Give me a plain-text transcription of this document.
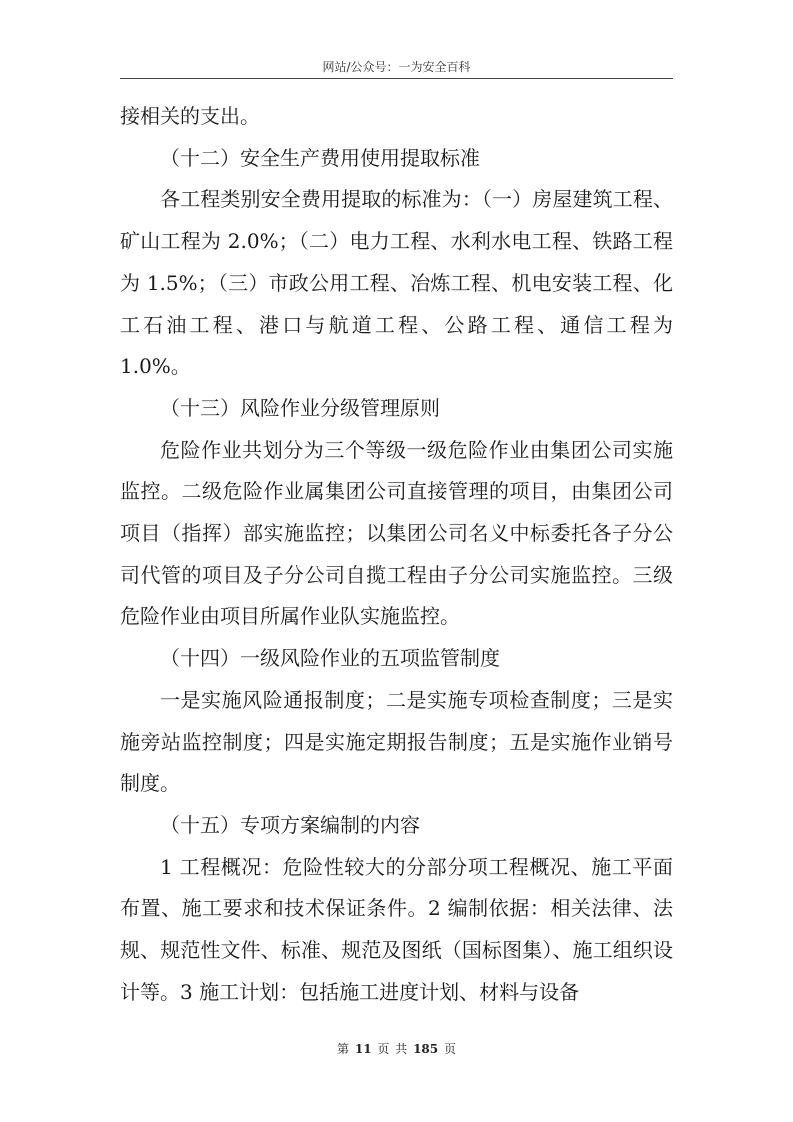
网站/公众号：一为安全百科

接相关的支出。

（十二）安全生产费用使用提取标准

各工程类别安全费用提取的标准为：（一）房屋建筑工程、矿山工程为 2.0%；（二）电力工程、水利水电工程、铁路工程为 1.5%；（三）市政公用工程、冶炼工程、机电安装工程、化工石油工程、港口与航道工程、公路工程、通信工程为 1.0%。

（十三）风险作业分级管理原则

危险作业共划分为三个等级一级危险作业由集团公司实施监控。二级危险作业属集团公司直接管理的项目，由集团公司项目（指挥）部实施监控；以集团公司名义中标委托各子分公司代管的项目及子分公司自揽工程由子分公司实施监控。三级危险作业由项目所属作业队实施监控。

（十四）一级风险作业的五项监管制度

一是实施风险通报制度；二是实施专项检查制度；三是实施旁站监控制度；四是实施定期报告制度；五是实施作业销号制度。

（十五）专项方案编制的内容

1 工程概况：危险性较大的分部分项工程概况、施工平面布置、施工要求和技术保证条件。2 编制依据：相关法律、法规、规范性文件、标准、规范及图纸（国标图集）、施工组织设计等。3 施工计划：包括施工进度计划、材料与设备

第 11 页 共 185 页
